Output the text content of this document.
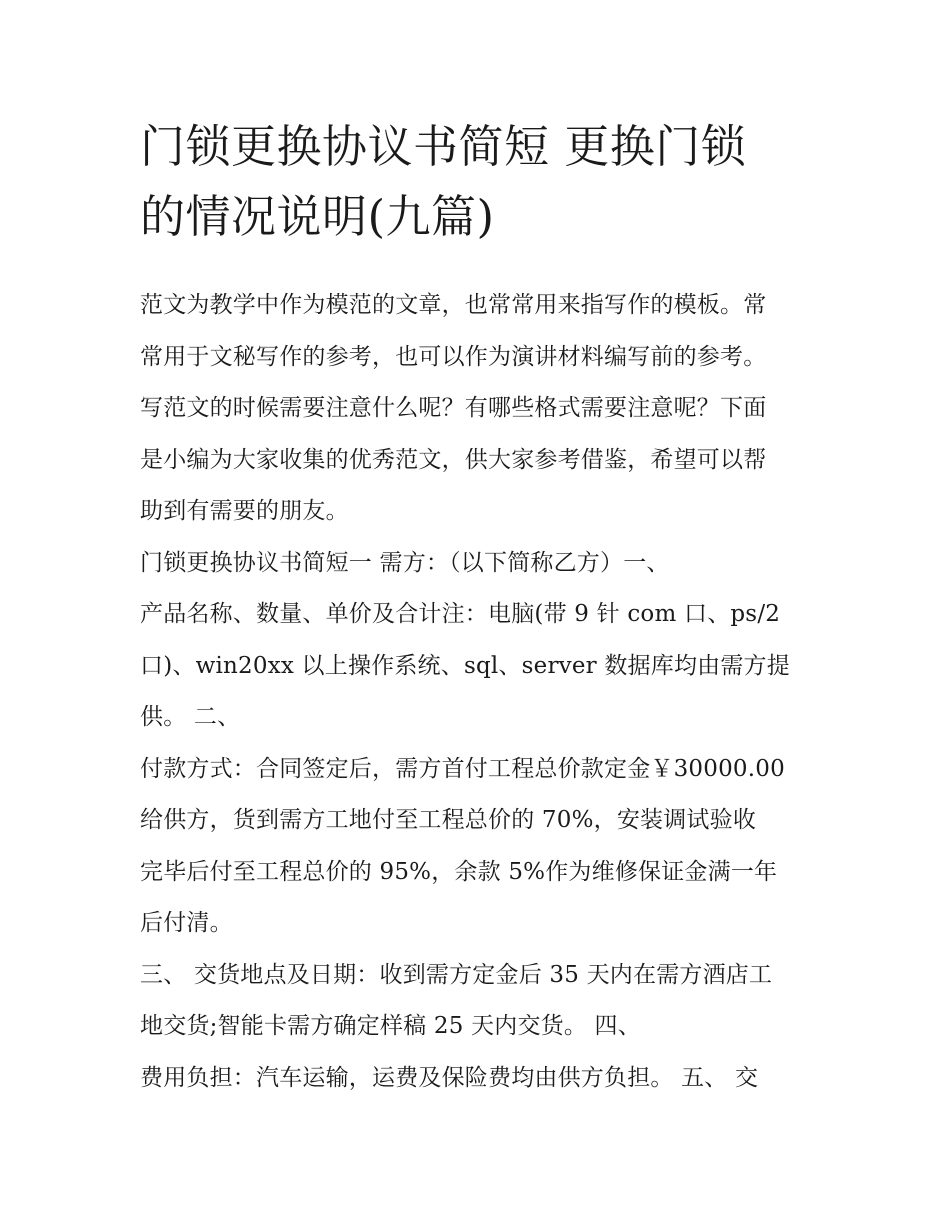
门锁更换协议书简短 更换门锁
的情况说明(九篇)

范文为教学中作为模范的文章，也常常用来指写作的模板。常
常用于文秘写作的参考，也可以作为演讲材料编写前的参考。
写范文的时候需要注意什么呢？有哪些格式需要注意呢？下面
是小编为大家收集的优秀范文，供大家参考借鉴，希望可以帮
助到有需要的朋友。

门锁更换协议书简短一 需方：（以下简称乙方）一、

产品名称、数量、单价及合计注：电脑(带 9 针 com 口、ps/2
口)、win20xx 以上操作系统、sql、server 数据库均由需方提
供。 二、

付款方式：合同签定后，需方首付工程总价款定金￥30000.00
给供方，货到需方工地付至工程总价的 70%，安装调试验收
完毕后付至工程总价的 95%，余款 5%作为维修保证金满一年
后付清。

三、 交货地点及日期：收到需方定金后 35 天内在需方酒店工
地交货;智能卡需方确定样稿 25 天内交货。 四、

费用负担：汽车运输，运费及保险费均由供方负担。 五、 交
